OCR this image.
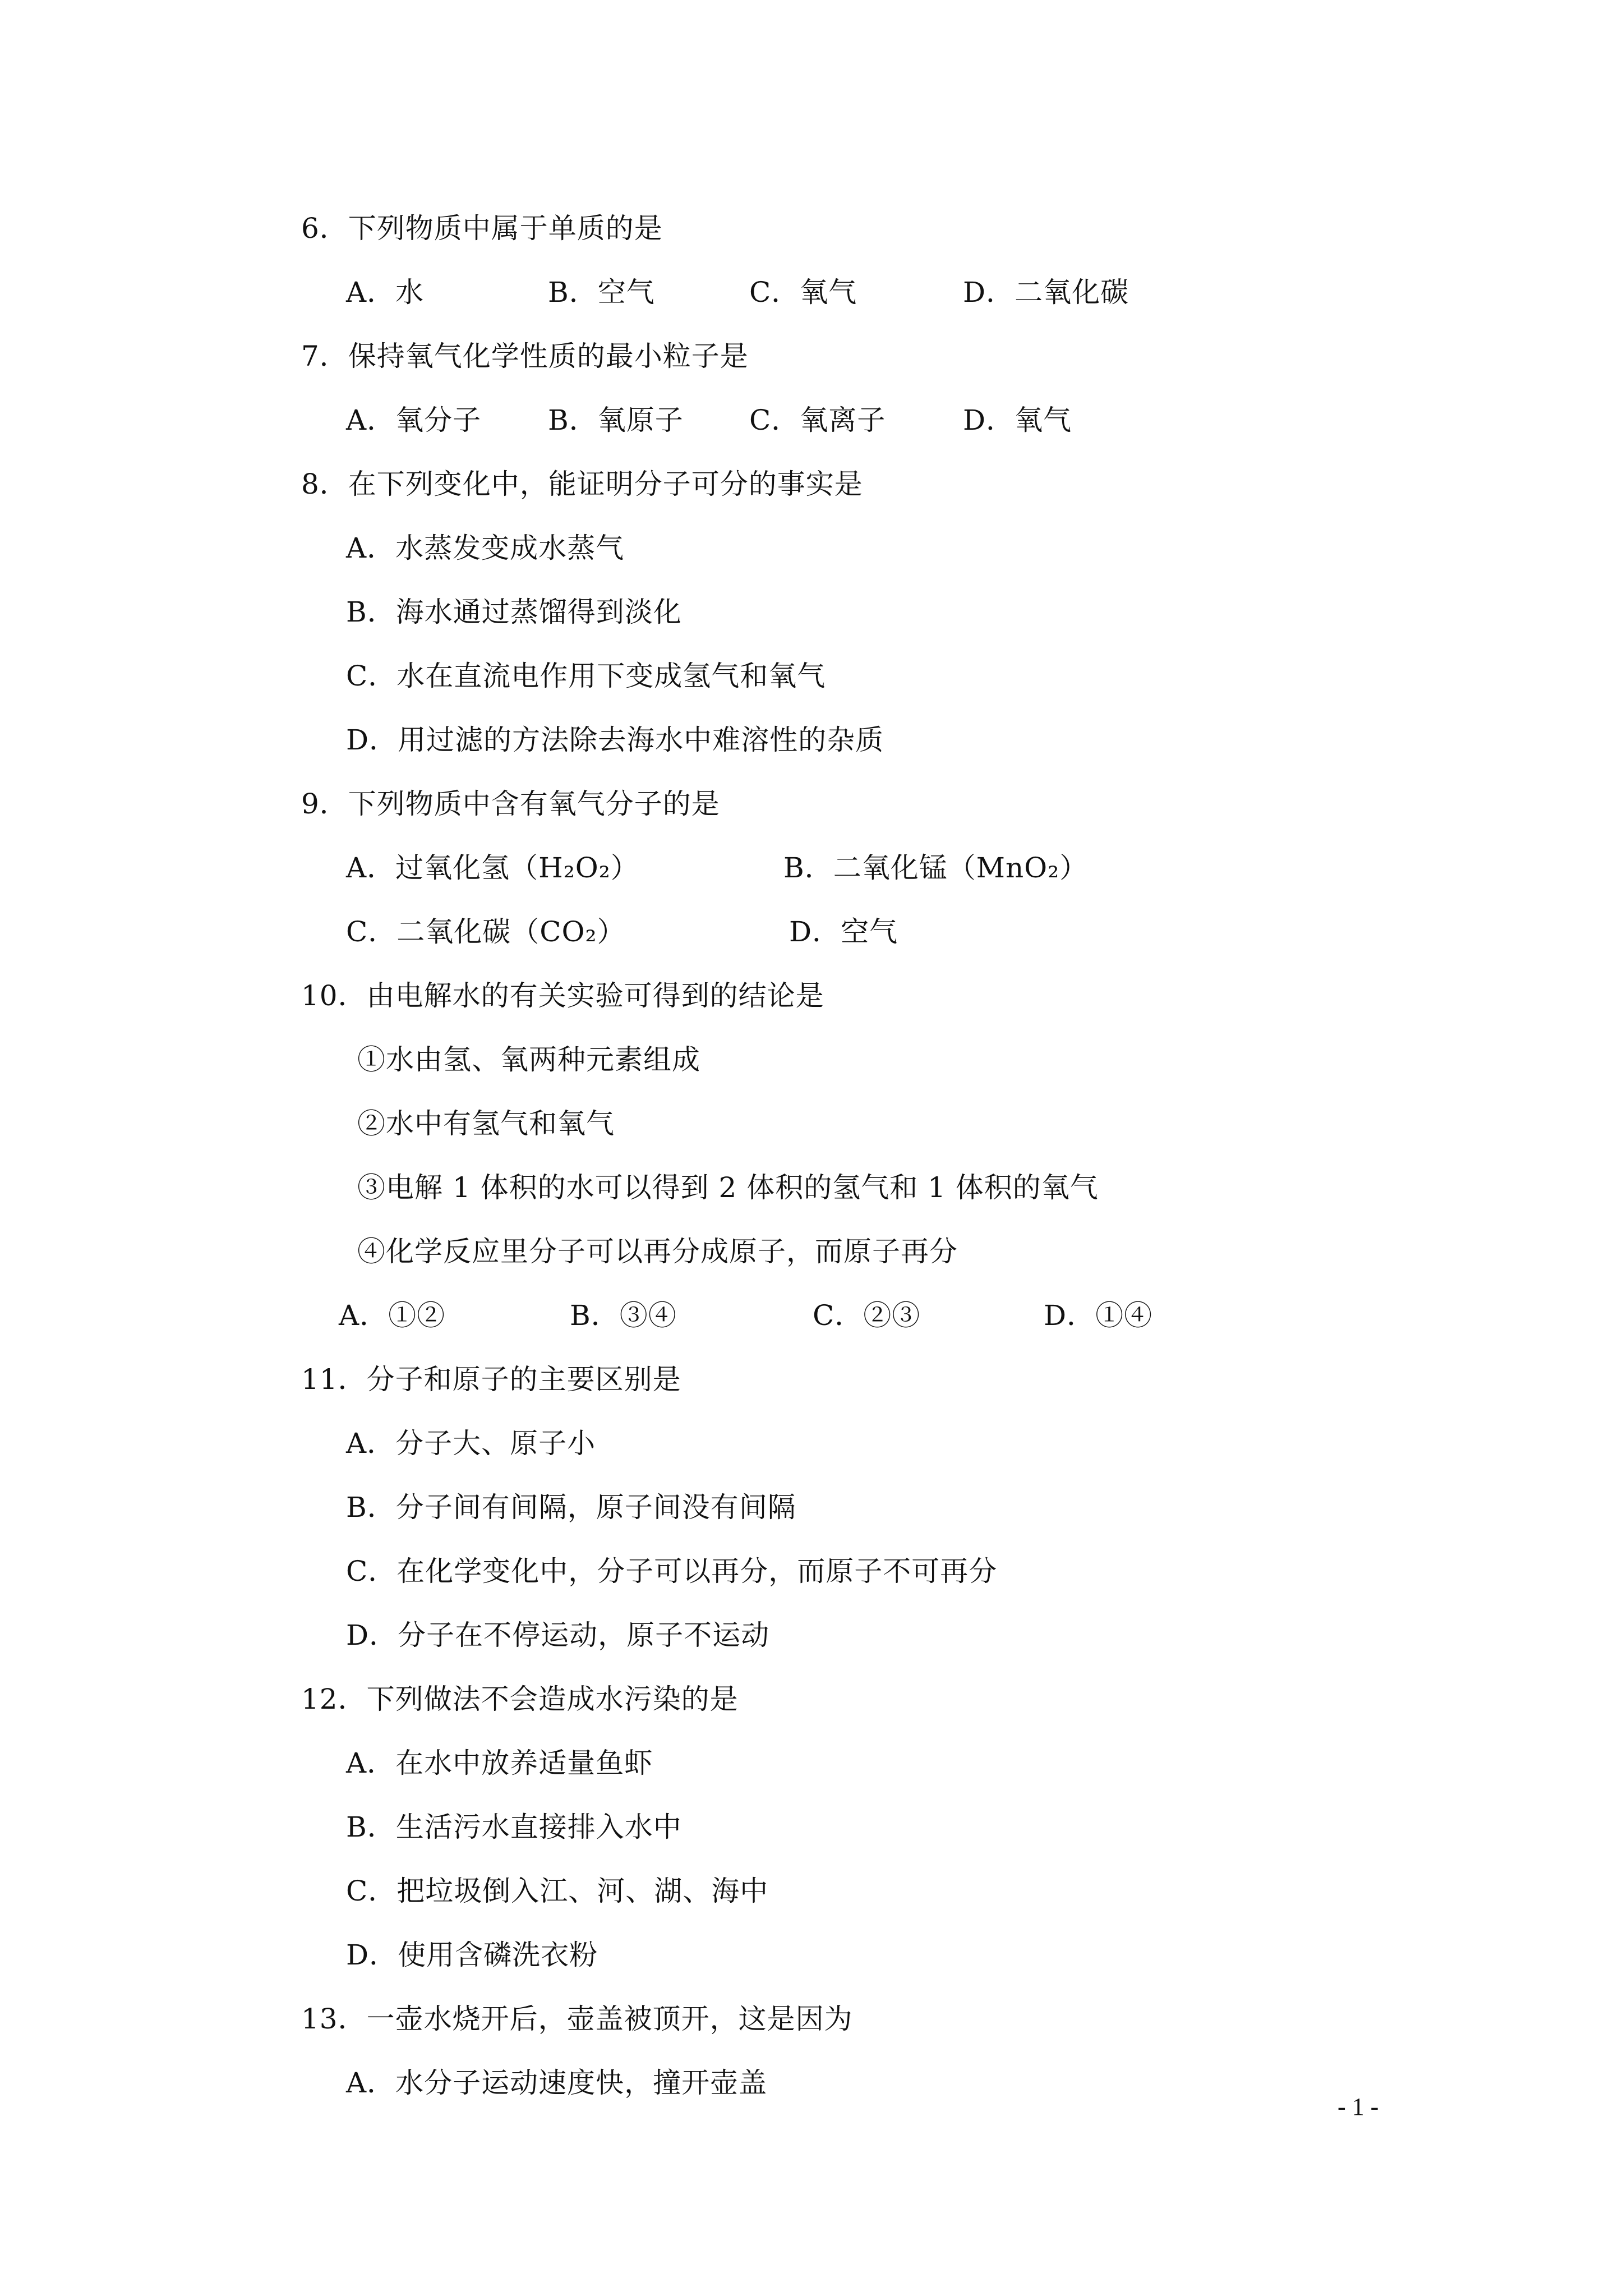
6．下列物质中属于单质的是
A．水	B．空气	C．氧气	D．二氧化碳
7．保持氧气化学性质的最小粒子是
A．氧分子 B．氧原子 C．氧离子	D．氧气
8．在下列变化中，能证明分子可分的事实是
A．水蒸发变成水蒸气
B．海水通过蒸馏得到淡化
C．水在直流电作用下变成氢气和氧气
D．用过滤的方法除去海水中难溶性的杂质
9．下列物质中含有氧气分子的是
A．过氧化氢（H₂O₂）	B．二氧化锰（MnO₂）
C．二氧化碳（CO₂）	D．空气
10．由电解水的有关实验可得到的结论是
①水由氢、氧两种元素组成
②水中有氢气和氧气
③电解 1 体积的水可以得到 2 体积的氢气和 1 体积的氧气
④化学反应里分子可以再分成原子，而原子再分
A．①②	B．③④	C．②③	D．①④
11．分子和原子的主要区别是
A．分子大、原子小
B．分子间有间隔，原子间没有间隔
C．在化学变化中，分子可以再分，而原子不可再分
D．分子在不停运动，原子不运动
12．下列做法不会造成水污染的是
A．在水中放养适量鱼虾
B．生活污水直接排入水中
C．把垃圾倒入江、河、湖、海中
D．使用含磷洗衣粉
13．一壶水烧开后，壶盖被顶开，这是因为
A．水分子运动速度快，撞开壶盖
- 1 -
